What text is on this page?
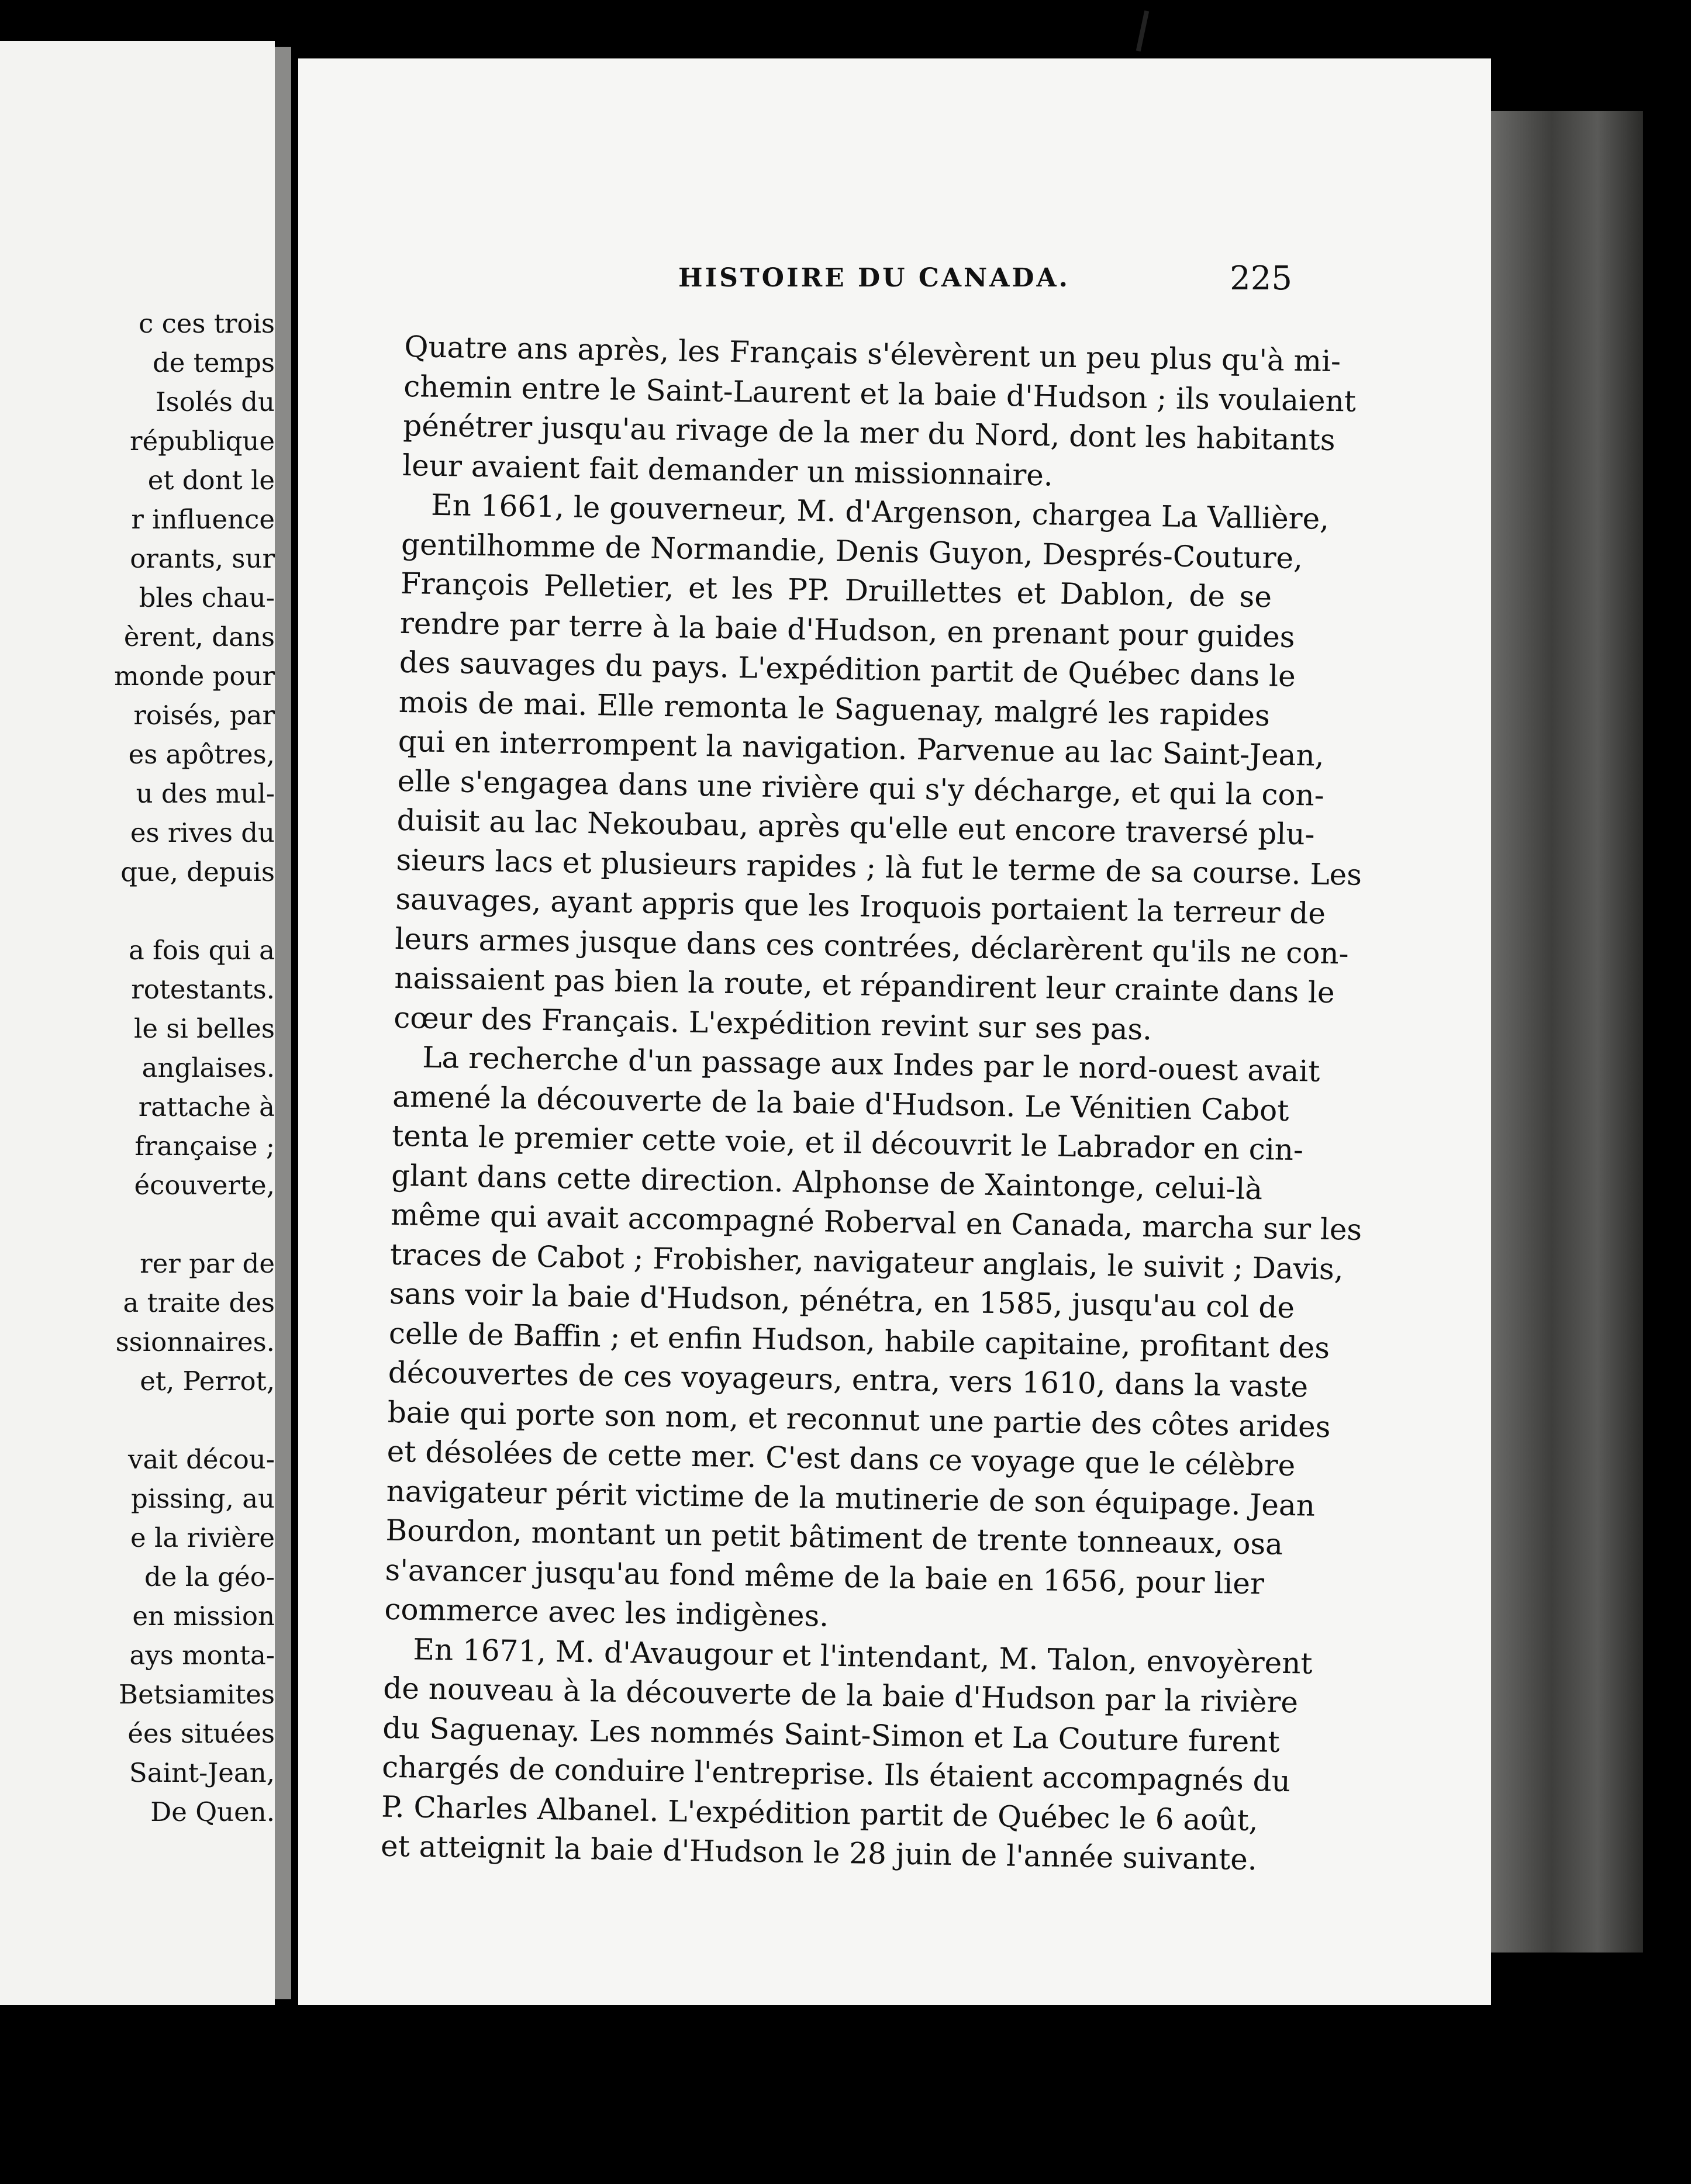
c ces trois
de temps
Isolés du
république
et dont le
r influence
orants, sur
bles chau-
èrent, dans
monde pour
roisés, par
es apôtres,
u des mul-
es rives du
que, depuis
a fois qui a
rotestants.
le si belles
anglaises.
rattache à
française ;
écouverte,
rer par de
a traite des
ssionnaires.
et, Perrot,
vait décou-
pissing, au
e la rivière
de la géo-
en mission
ays monta-
Betsiamites
ées situées
Saint-Jean,
De Quen.
HISTOIRE DU CANADA.	225
Quatre ans après, les Français s'élevèrent un peu plus qu'à mi-
chemin entre le Saint-Laurent et la baie d'Hudson ; ils voulaient
pénétrer jusqu'au rivage de la mer du Nord, dont les habitants
leur avaient fait demander un missionnaire.
En 1661, le gouverneur, M. d'Argenson, chargea La Vallière,
gentilhomme de Normandie, Denis Guyon, Després-Couture,
François Pelletier, et les PP. Druillettes et Dablon, de se
rendre par terre à la baie d'Hudson, en prenant pour guides
des sauvages du pays. L'expédition partit de Québec dans le
mois de mai. Elle remonta le Saguenay, malgré les rapides
qui en interrompent la navigation. Parvenue au lac Saint-Jean,
elle s'engagea dans une rivière qui s'y décharge, et qui la con-
duisit au lac Nekoubau, après qu'elle eut encore traversé plu-
sieurs lacs et plusieurs rapides ; là fut le terme de sa course. Les
sauvages, ayant appris que les Iroquois portaient la terreur de
leurs armes jusque dans ces contrées, déclarèrent qu'ils ne con-
naissaient pas bien la route, et répandirent leur crainte dans le
cœur des Français. L'expédition revint sur ses pas.
La recherche d'un passage aux Indes par le nord-ouest avait
amené la découverte de la baie d'Hudson. Le Vénitien Cabot
tenta le premier cette voie, et il découvrit le Labrador en cin-
glant dans cette direction. Alphonse de Xaintonge, celui-là
même qui avait accompagné Roberval en Canada, marcha sur les
traces de Cabot ; Frobisher, navigateur anglais, le suivit ; Davis,
sans voir la baie d'Hudson, pénétra, en 1585, jusqu'au col de
celle de Baffin ; et enfin Hudson, habile capitaine, profitant des
découvertes de ces voyageurs, entra, vers 1610, dans la vaste
baie qui porte son nom, et reconnut une partie des côtes arides
et désolées de cette mer. C'est dans ce voyage que le célèbre
navigateur périt victime de la mutinerie de son équipage. Jean
Bourdon, montant un petit bâtiment de trente tonneaux, osa
s'avancer jusqu'au fond même de la baie en 1656, pour lier
commerce avec les indigènes.
En 1671, M. d'Avaugour et l'intendant, M. Talon, envoyèrent
de nouveau à la découverte de la baie d'Hudson par la rivière
du Saguenay. Les nommés Saint-Simon et La Couture furent
chargés de conduire l'entreprise. Ils étaient accompagnés du
P. Charles Albanel. L'expédition partit de Québec le 6 août,
et atteignit la baie d'Hudson le 28 juin de l'année suivante.
